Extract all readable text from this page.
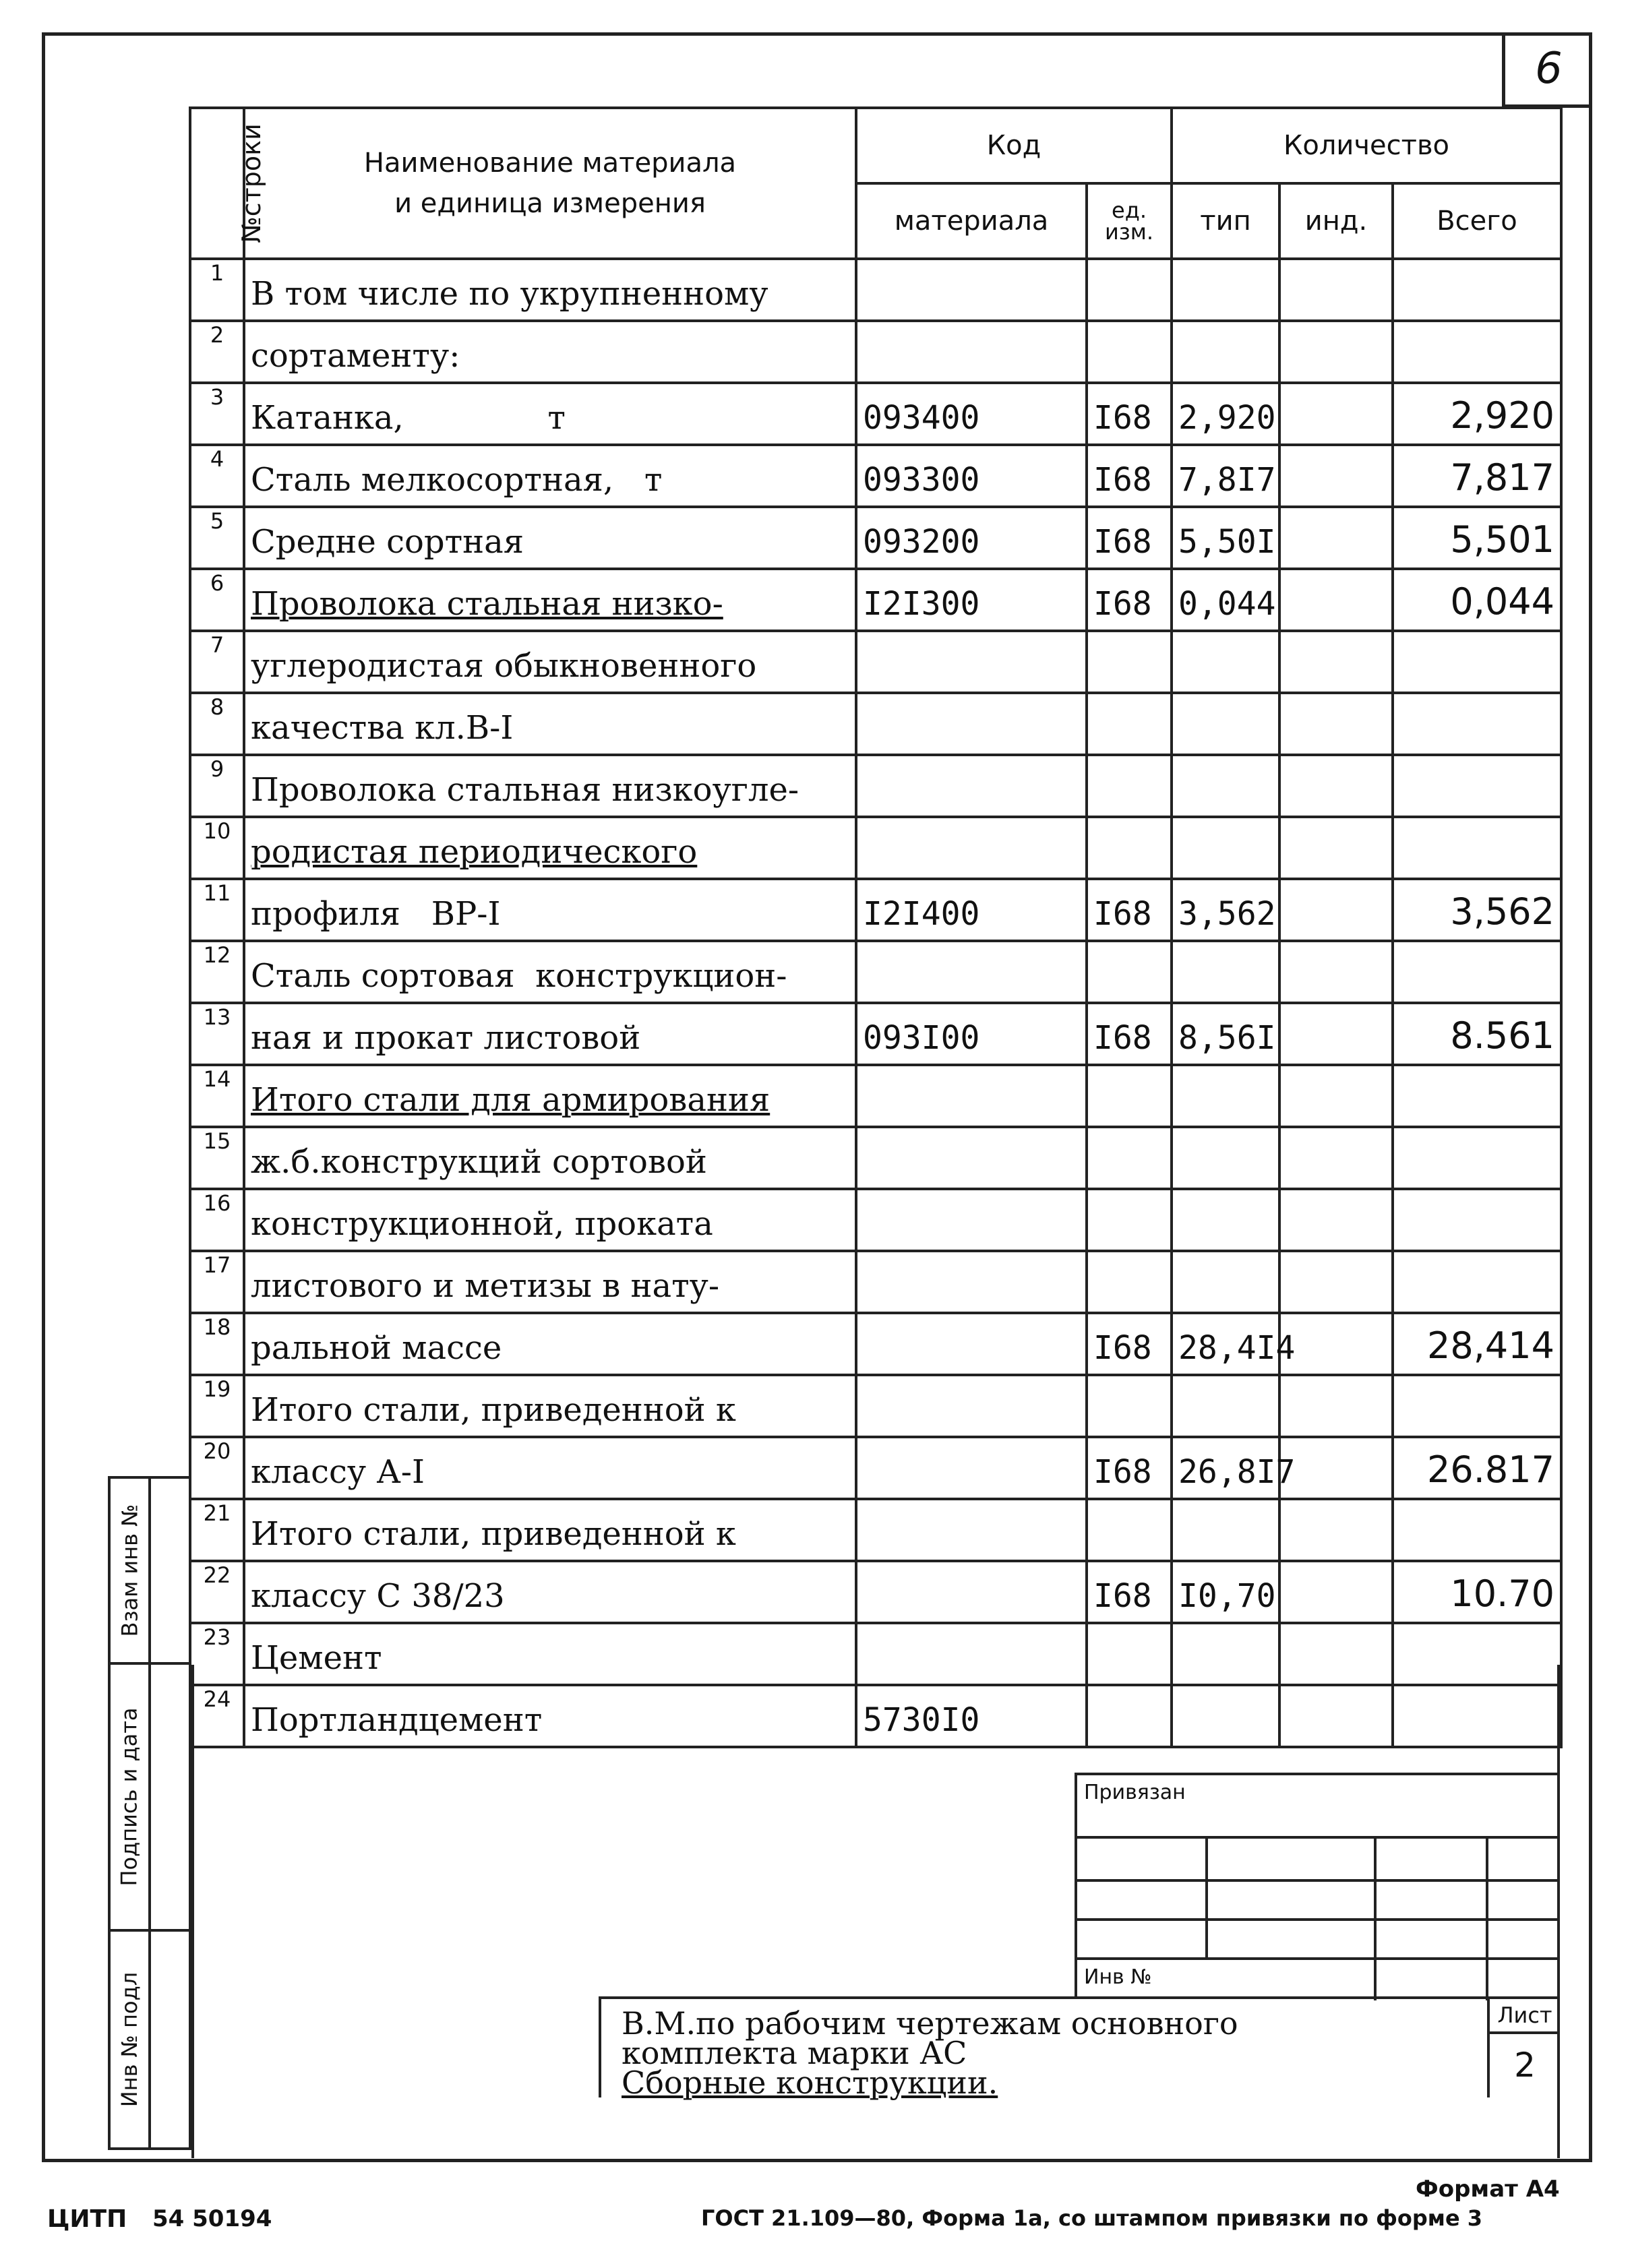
6
№строки	Наименование материала
и единица измерения	Код		Количество		
		материала	ед. изм.	тип	инд.	Всего
1	В том числе по укрупненному					
2	сортаменту:					
3	Катанка,              т	093400	I68	2,920		2,920
4	Сталь мелкосортная,   т	093300	I68	7,8I7		7,817
5	Средне сортная	093200	I68	5,50I		5,501
6	Проволока стальная низко-	I2I300	I68	0,044		0,044
7	углеродистая обыкновенного					
8	качества кл.В-I					
9	Проволока стальная низкоугле-					
10	родистая периодического					
11	профиля   ВР-I	I2I400	I68	3,562		3,562
12	Сталь сортовая  конструкцион-					
13	ная и прокат листовой	093I00	I68	8,56I		8.561
14	Итого стали для армирования					
15	ж.б.конструкций сортовой					
16	конструкционной, проката					
17	листового и метизы в нату-					
18	ральной массе		I68	28,4I4		28,414
19	Итого стали, приведенной к					
20	классу А-I		I68	26,8I7		26.817
21	Итого стали, приведенной к					
22	классу С 38/23		I68	I0,70		10.70
23	Цемент					
24	Портландцемент	5730I0				
Взам инв №
Подпись и дата
Инв № подл
Привязан
Инв №
В.М.по рабочим чертежам основного
комплекта марки АС
Сборные конструкции.
Лист
2
Формат А4
ЦИТП 54 50194	ГОСТ 21.109—80, Форма 1а, со штампом привязки по форме 3
